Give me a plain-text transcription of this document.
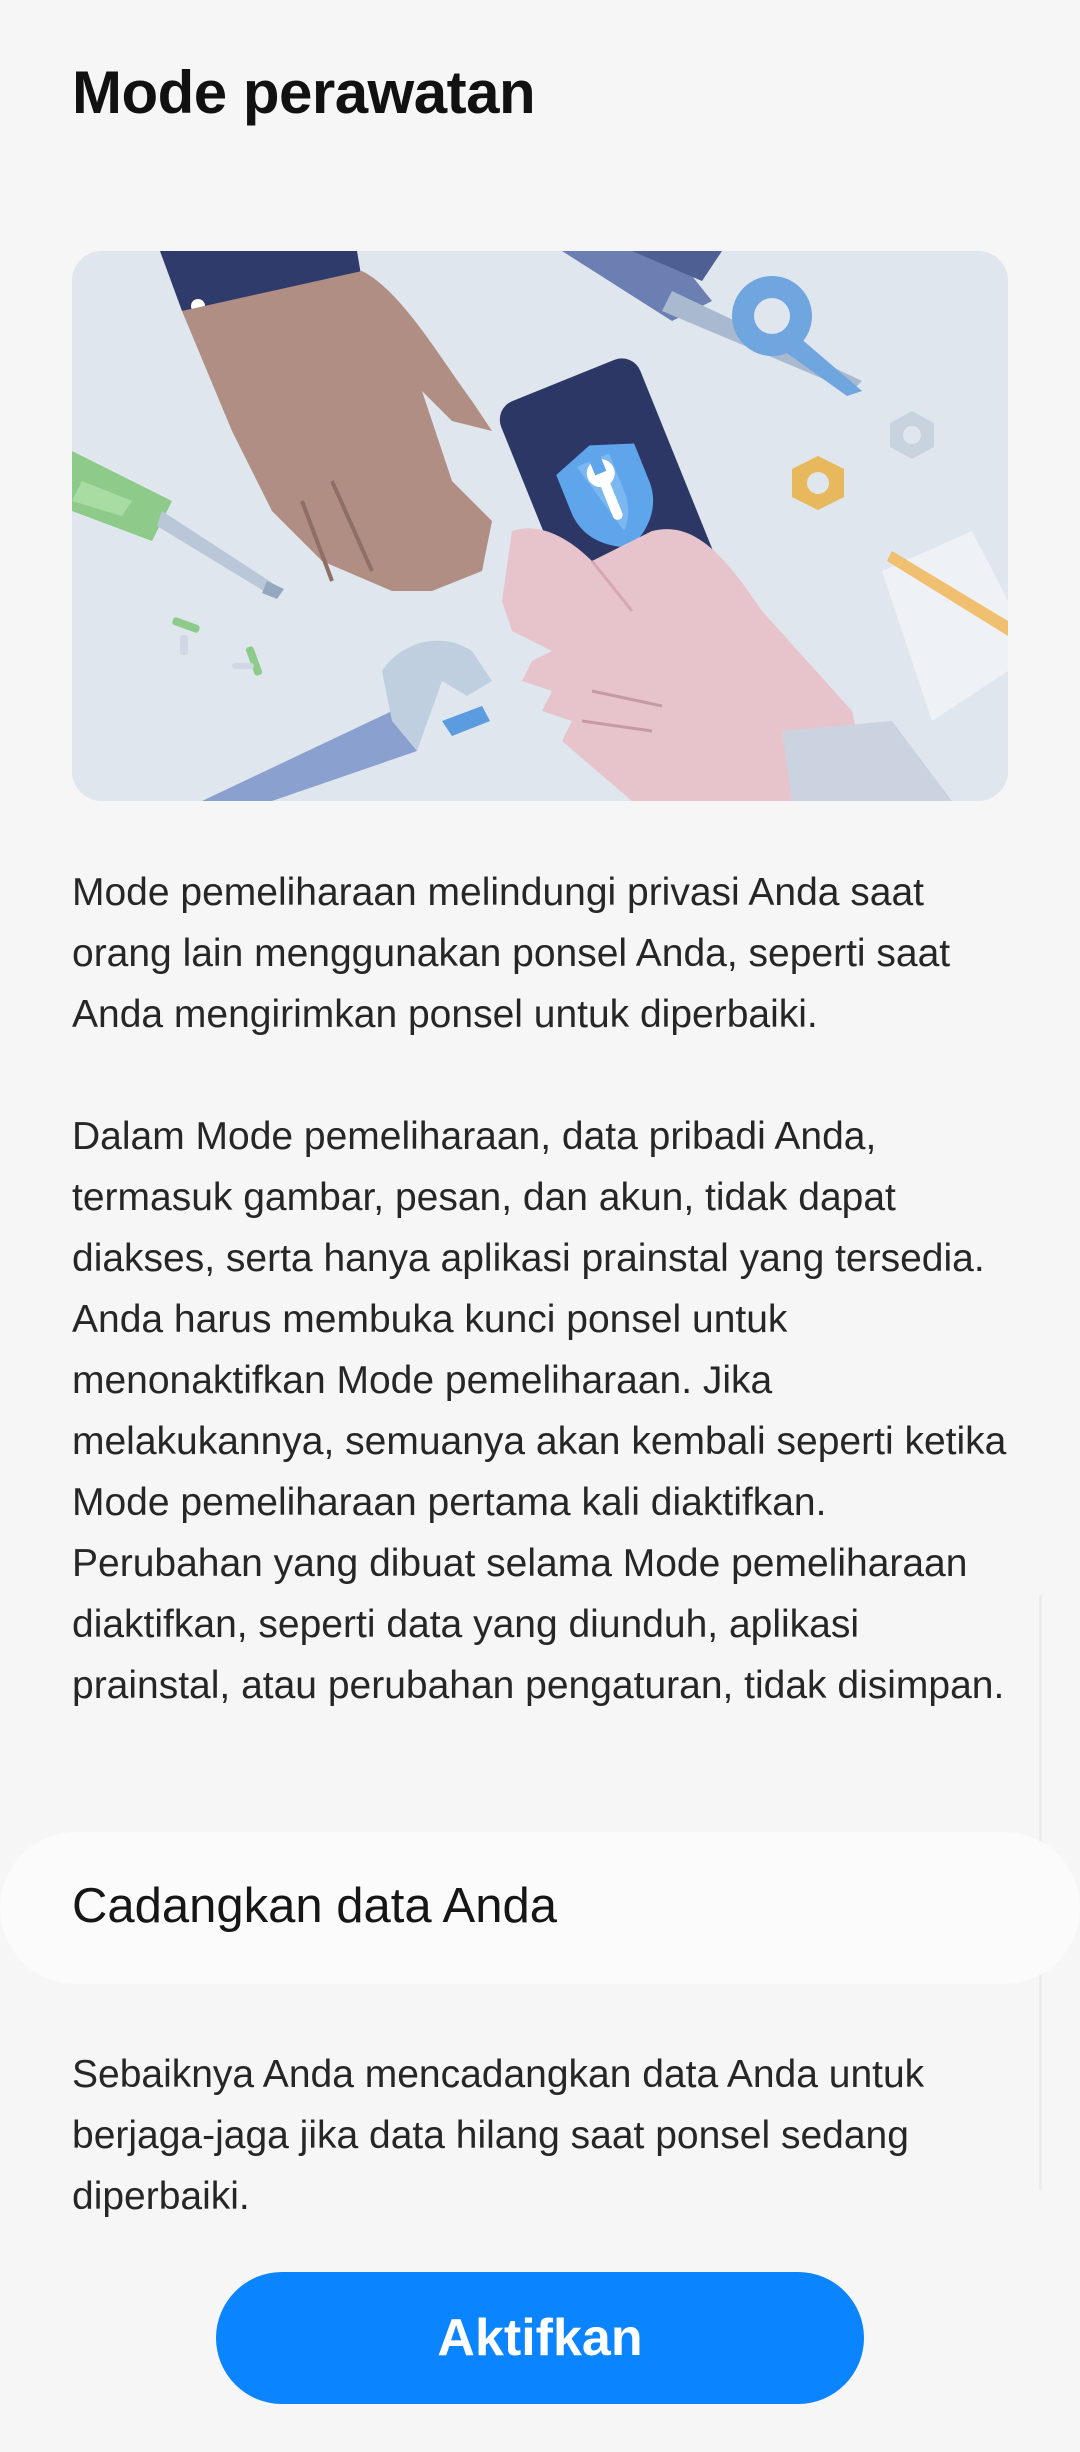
Mode perawatan

Mode pemeliharaan melindungi privasi Anda saat orang lain menggunakan ponsel Anda, seperti saat Anda mengirimkan ponsel untuk diperbaiki.

Dalam Mode pemeliharaan, data pribadi Anda, termasuk gambar, pesan, dan akun, tidak dapat diakses, serta hanya aplikasi prainstal yang tersedia. Anda harus membuka kunci ponsel untuk menonaktifkan Mode pemeliharaan. Jika melakukannya, semuanya akan kembali seperti ketika Mode pemeliharaan pertama kali diaktifkan. Perubahan yang dibuat selama Mode pemeliharaan diaktifkan, seperti data yang diunduh, aplikasi prainstal, atau perubahan pengaturan, tidak disimpan.

Cadangkan data Anda

Sebaiknya Anda mencadangkan data Anda untuk berjaga-jaga jika data hilang saat ponsel sedang diperbaiki.

Aktifkan
